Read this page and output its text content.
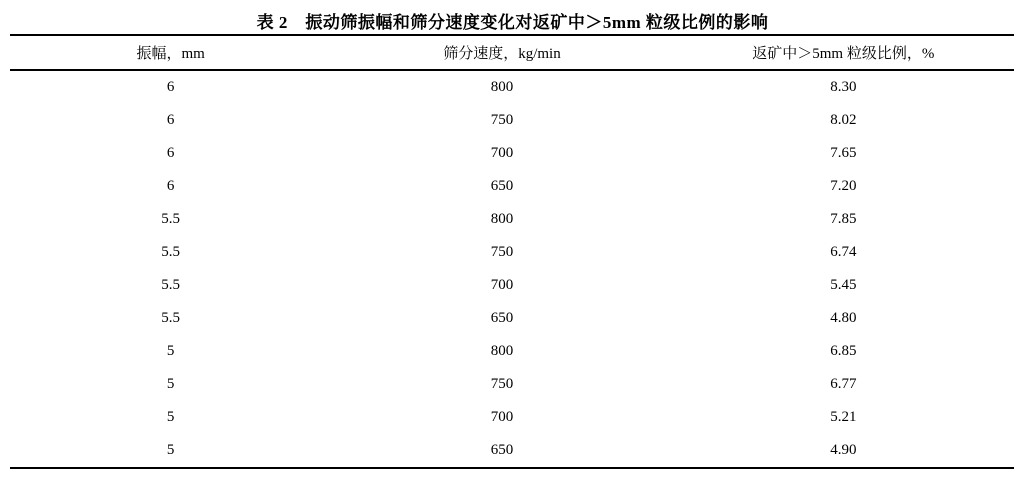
表 2　振动筛振幅和筛分速度变化对返矿中＞5mm 粒级比例的影响
振幅，mm	筛分速度，kg/min	返矿中＞5mm 粒级比例，%
6	800	8.30
6	750	8.02
6	700	7.65
6	650	7.20
5.5	800	7.85
5.5	750	6.74
5.5	700	5.45
5.5	650	4.80
5	800	6.85
5	750	6.77
5	700	5.21
5	650	4.90
